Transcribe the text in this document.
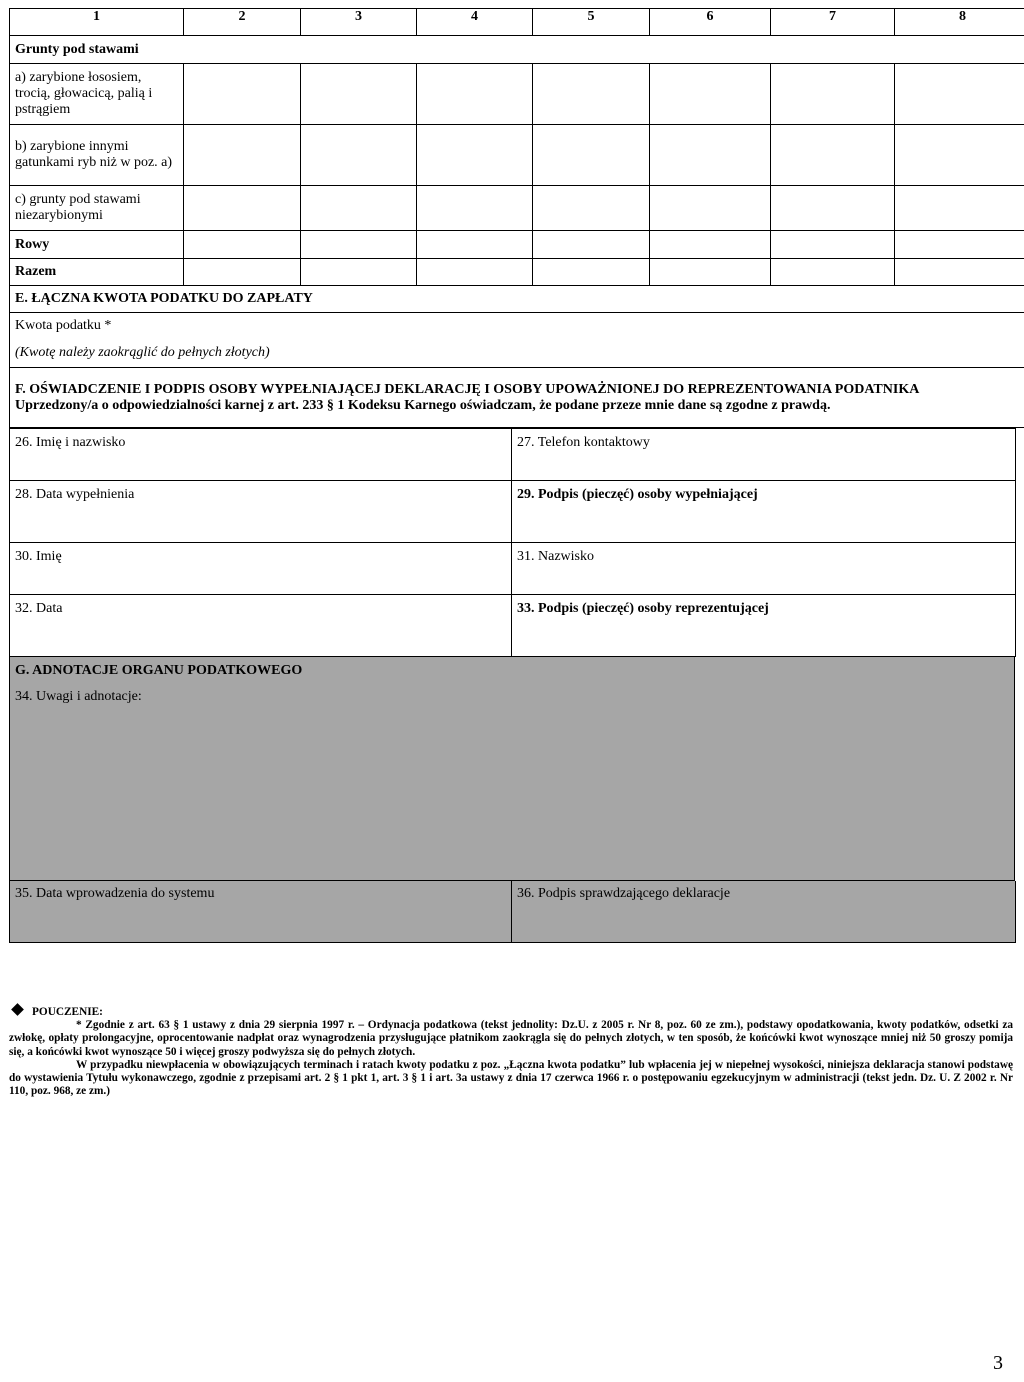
1	2	3	4	5	6	7	8
Grunty pod stawami							
a) zarybione łososiem, trocią, głowacicą, palią i pstrągiem							
b) zarybione innymi gatunkami ryb niż w poz. a)							
c) grunty pod stawami niezarybionymi							
Rowy							
Razem							
E. ŁĄCZNA KWOTA PODATKU DO ZAPŁATY							
Kwota podatku *							
(Kwotę należy zaokrąglić do pełnych złotych)							

F. OŚWIADCZENIE I PODPIS OSOBY WYPEŁNIAJĄCEJ DEKLARACJĘ I OSOBY UPOWAŻNIONEJ DO REPREZENTOWANIA PODATNIKA
Uprzedzony/a o odpowiedzialności karnej z art. 233 § 1 Kodeksu Karnego oświadczam, że podane przeze mnie dane są zgodne z prawdą.							
26. Imię i nazwisko	27. Telefon kontaktowy
28. Data wypełnienia	29. Podpis (pieczęć) osoby wypełniającej
30. Imię	31. Nazwisko
32. Data	33. Podpis (pieczęć) osoby reprezentującej
G. ADNOTACJE ORGANU PODATKOWEGO
34. Uwagi i adnotacje:
35. Data wprowadzenia do systemu	36. Podpis sprawdzającego deklaracje

POUCZENIE:

* Zgodnie z art. 63 § 1 ustawy z dnia 29 sierpnia 1997 r. – Ordynacja podatkowa (tekst jednolity: Dz.U. z 2005 r. Nr 8, poz. 60 ze zm.), podstawy opodatkowania, kwoty podatków, odsetki za zwłokę, opłaty prolongacyjne, oprocentowanie nadpłat oraz wynagrodzenia przysługujące płatnikom zaokrągla się do pełnych złotych, w ten sposób, że końcówki kwot wynoszące mniej niż 50 groszy pomija się, a końcówki kwot wynoszące 50 i więcej groszy podwyższa się do pełnych złotych.

W przypadku niewpłacenia w obowiązujących terminach i ratach kwoty podatku z poz. „Łączna kwota podatku” lub wpłacenia jej w niepełnej wysokości, niniejsza deklaracja stanowi podstawę do wystawienia Tytułu wykonawczego, zgodnie z przepisami art. 2 § 1 pkt 1, art. 3 § 1 i art. 3a ustawy z dnia 17 czerwca 1966 r. o postępowaniu egzekucyjnym w administracji (tekst jedn. Dz. U. Z 2002 r. Nr 110, poz. 968, ze zm.)

3
